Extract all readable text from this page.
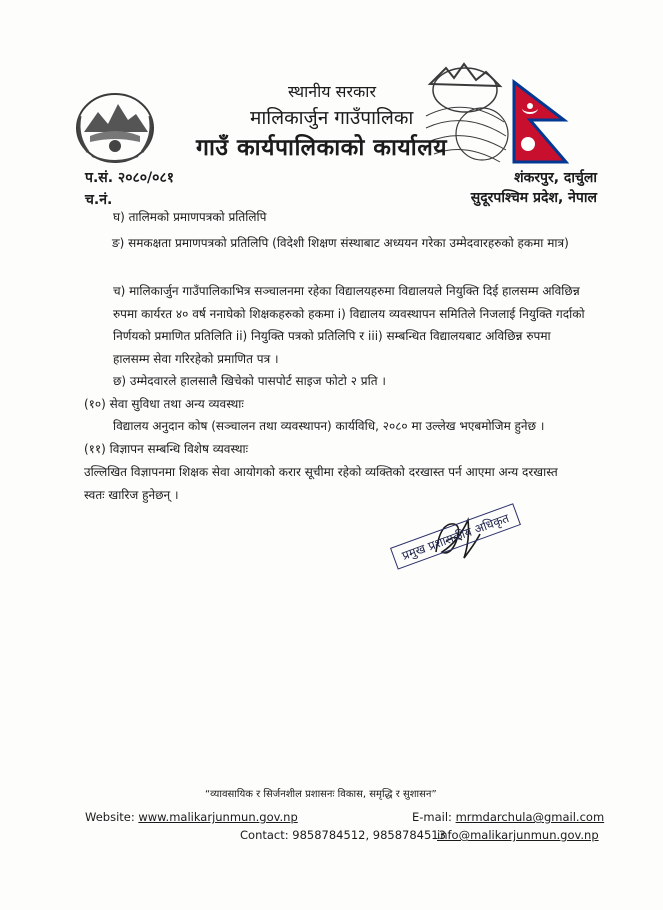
स्थानीय सरकार
मालिकार्जुन गाउँपालिका
गाउँ कार्यपालिकाको कार्यालय
प.सं. २०८०/०८१
च.नं.
शंकरपुर, दार्चुला
सुदूरपश्चिम प्रदेश, नेपाल
घ) तालिमको प्रमाणपत्रको प्रतिलिपि
ङ) समकक्षता प्रमाणपत्रको प्रतिलिपि (विदेशी शिक्षण संस्थाबाट अध्ययन गरेका उम्मेदवारहरुको हकमा मात्र)
च) मालिकार्जुन गाउँपालिकाभित्र सञ्चालनमा रहेका विद्यालयहरुमा विद्यालयले नियुक्ति दिई हालसम्म अविछिन्न रुपमा कार्यरत ४० वर्ष ननाघेको शिक्षकहरुको हकमा i) विद्यालय व्यवस्थापन समितिले निजलाई नियुक्ति गर्दाको निर्णयको प्रमाणित प्रतिलिति ii) नियुक्ति पत्रको प्रतिलिपि र iii) सम्बन्धित विद्यालयबाट अविछिन्न रुपमा हालसम्म सेवा गरिरहेको प्रमाणित पत्र ।
छ) उम्मेदवारले हालसालै खिचेको पासपोर्ट साइज फोटो २ प्रति ।
(१०) सेवा सुविधा तथा अन्य व्यवस्थाः
विद्यालय अनुदान कोष (सञ्चालन तथा व्यवस्थापन) कार्यविधि, २०८० मा उल्लेख भएबमोजिम हुनेछ ।
(११) विज्ञापन सम्बन्धि विशेष व्यवस्थाः
उल्लिखित विज्ञापनमा शिक्षक सेवा आयोगको करार सूचीमा रहेको व्यक्तिको दरखास्त पर्न आएमा अन्य दरखास्त स्वतः खारिज हुनेछन् ।
प्रमुख प्रशासकीय अधिकृत
“व्यावसायिक र सिर्जनशील प्रशासनः विकास, समृद्धि र सुशासन”
Website: www.malikarjunmun.gov.np	E-mail: mrmdarchula@gmail.com
Contact: 9858784512, 9858784513
info@malikarjunmun.gov.np
